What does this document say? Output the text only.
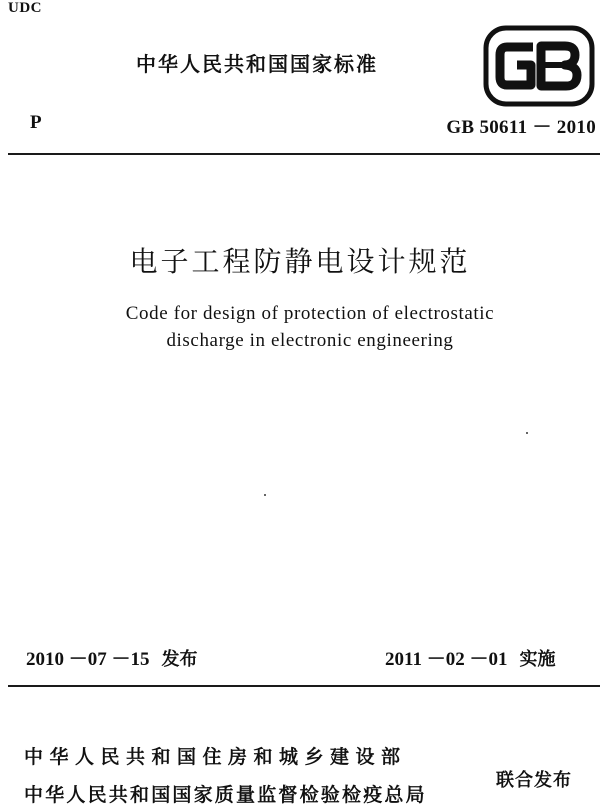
UDC
中华人民共和国国家标准
P	GB 50611 － 2010
电子工程防静电设计规范
Code for design of protection of electrostatic
discharge in electronic engineering
2010 －07 －15 发布	2011 －02 －01 实施
中华人民共和国住房和城乡建设部
中华人民共和国国家质量监督检验检疫总局
联合发布
